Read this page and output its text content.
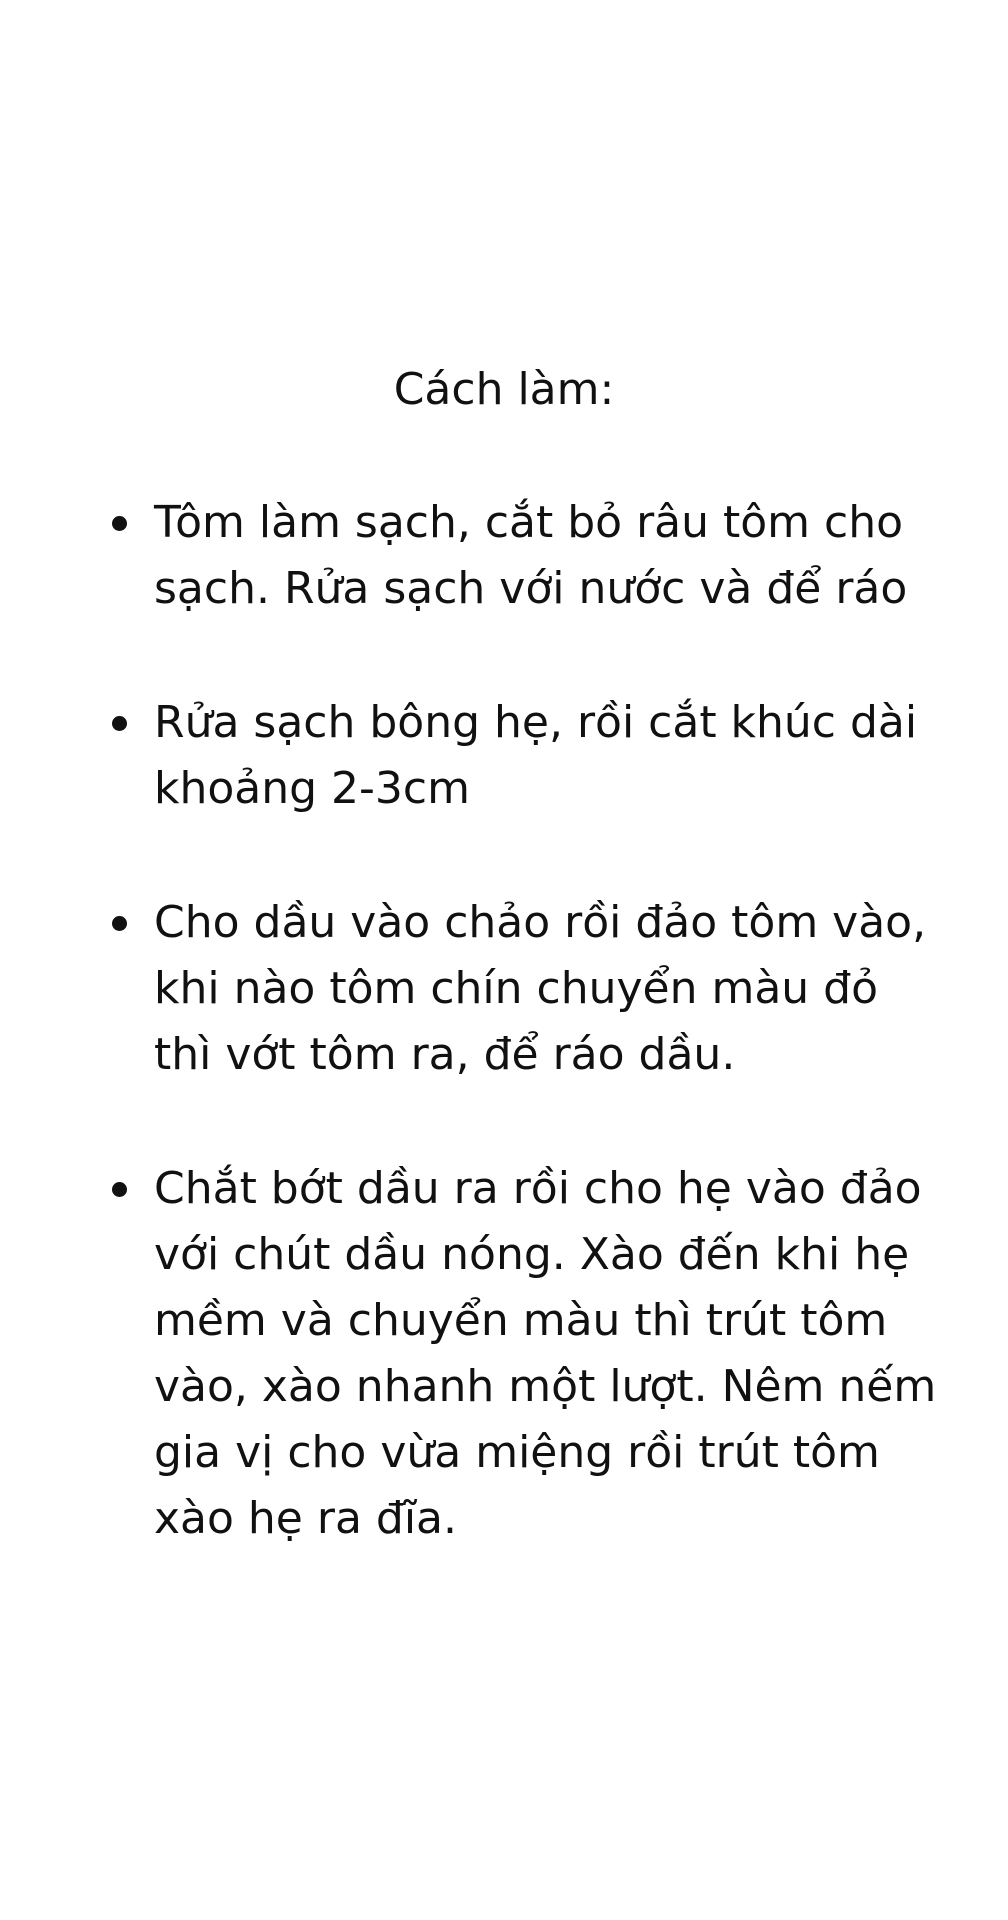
Cách làm:
Tôm làm sạch, cắt bỏ râu tôm cho sạch. Rửa sạch với nước và để ráo
Rửa sạch bông hẹ, rồi cắt khúc dài khoảng 2-3cm
Cho dầu vào chảo rồi đảo tôm vào, khi nào tôm chín chuyển màu đỏ thì vớt tôm ra, để ráo dầu.
Chắt bớt dầu ra rồi cho hẹ vào đảo với chút dầu nóng. Xào đến khi hẹ mềm và chuyển màu thì trút tôm vào, xào nhanh một lượt. Nêm nếm gia vị cho vừa miệng rồi trút tôm xào hẹ ra đĩa.
